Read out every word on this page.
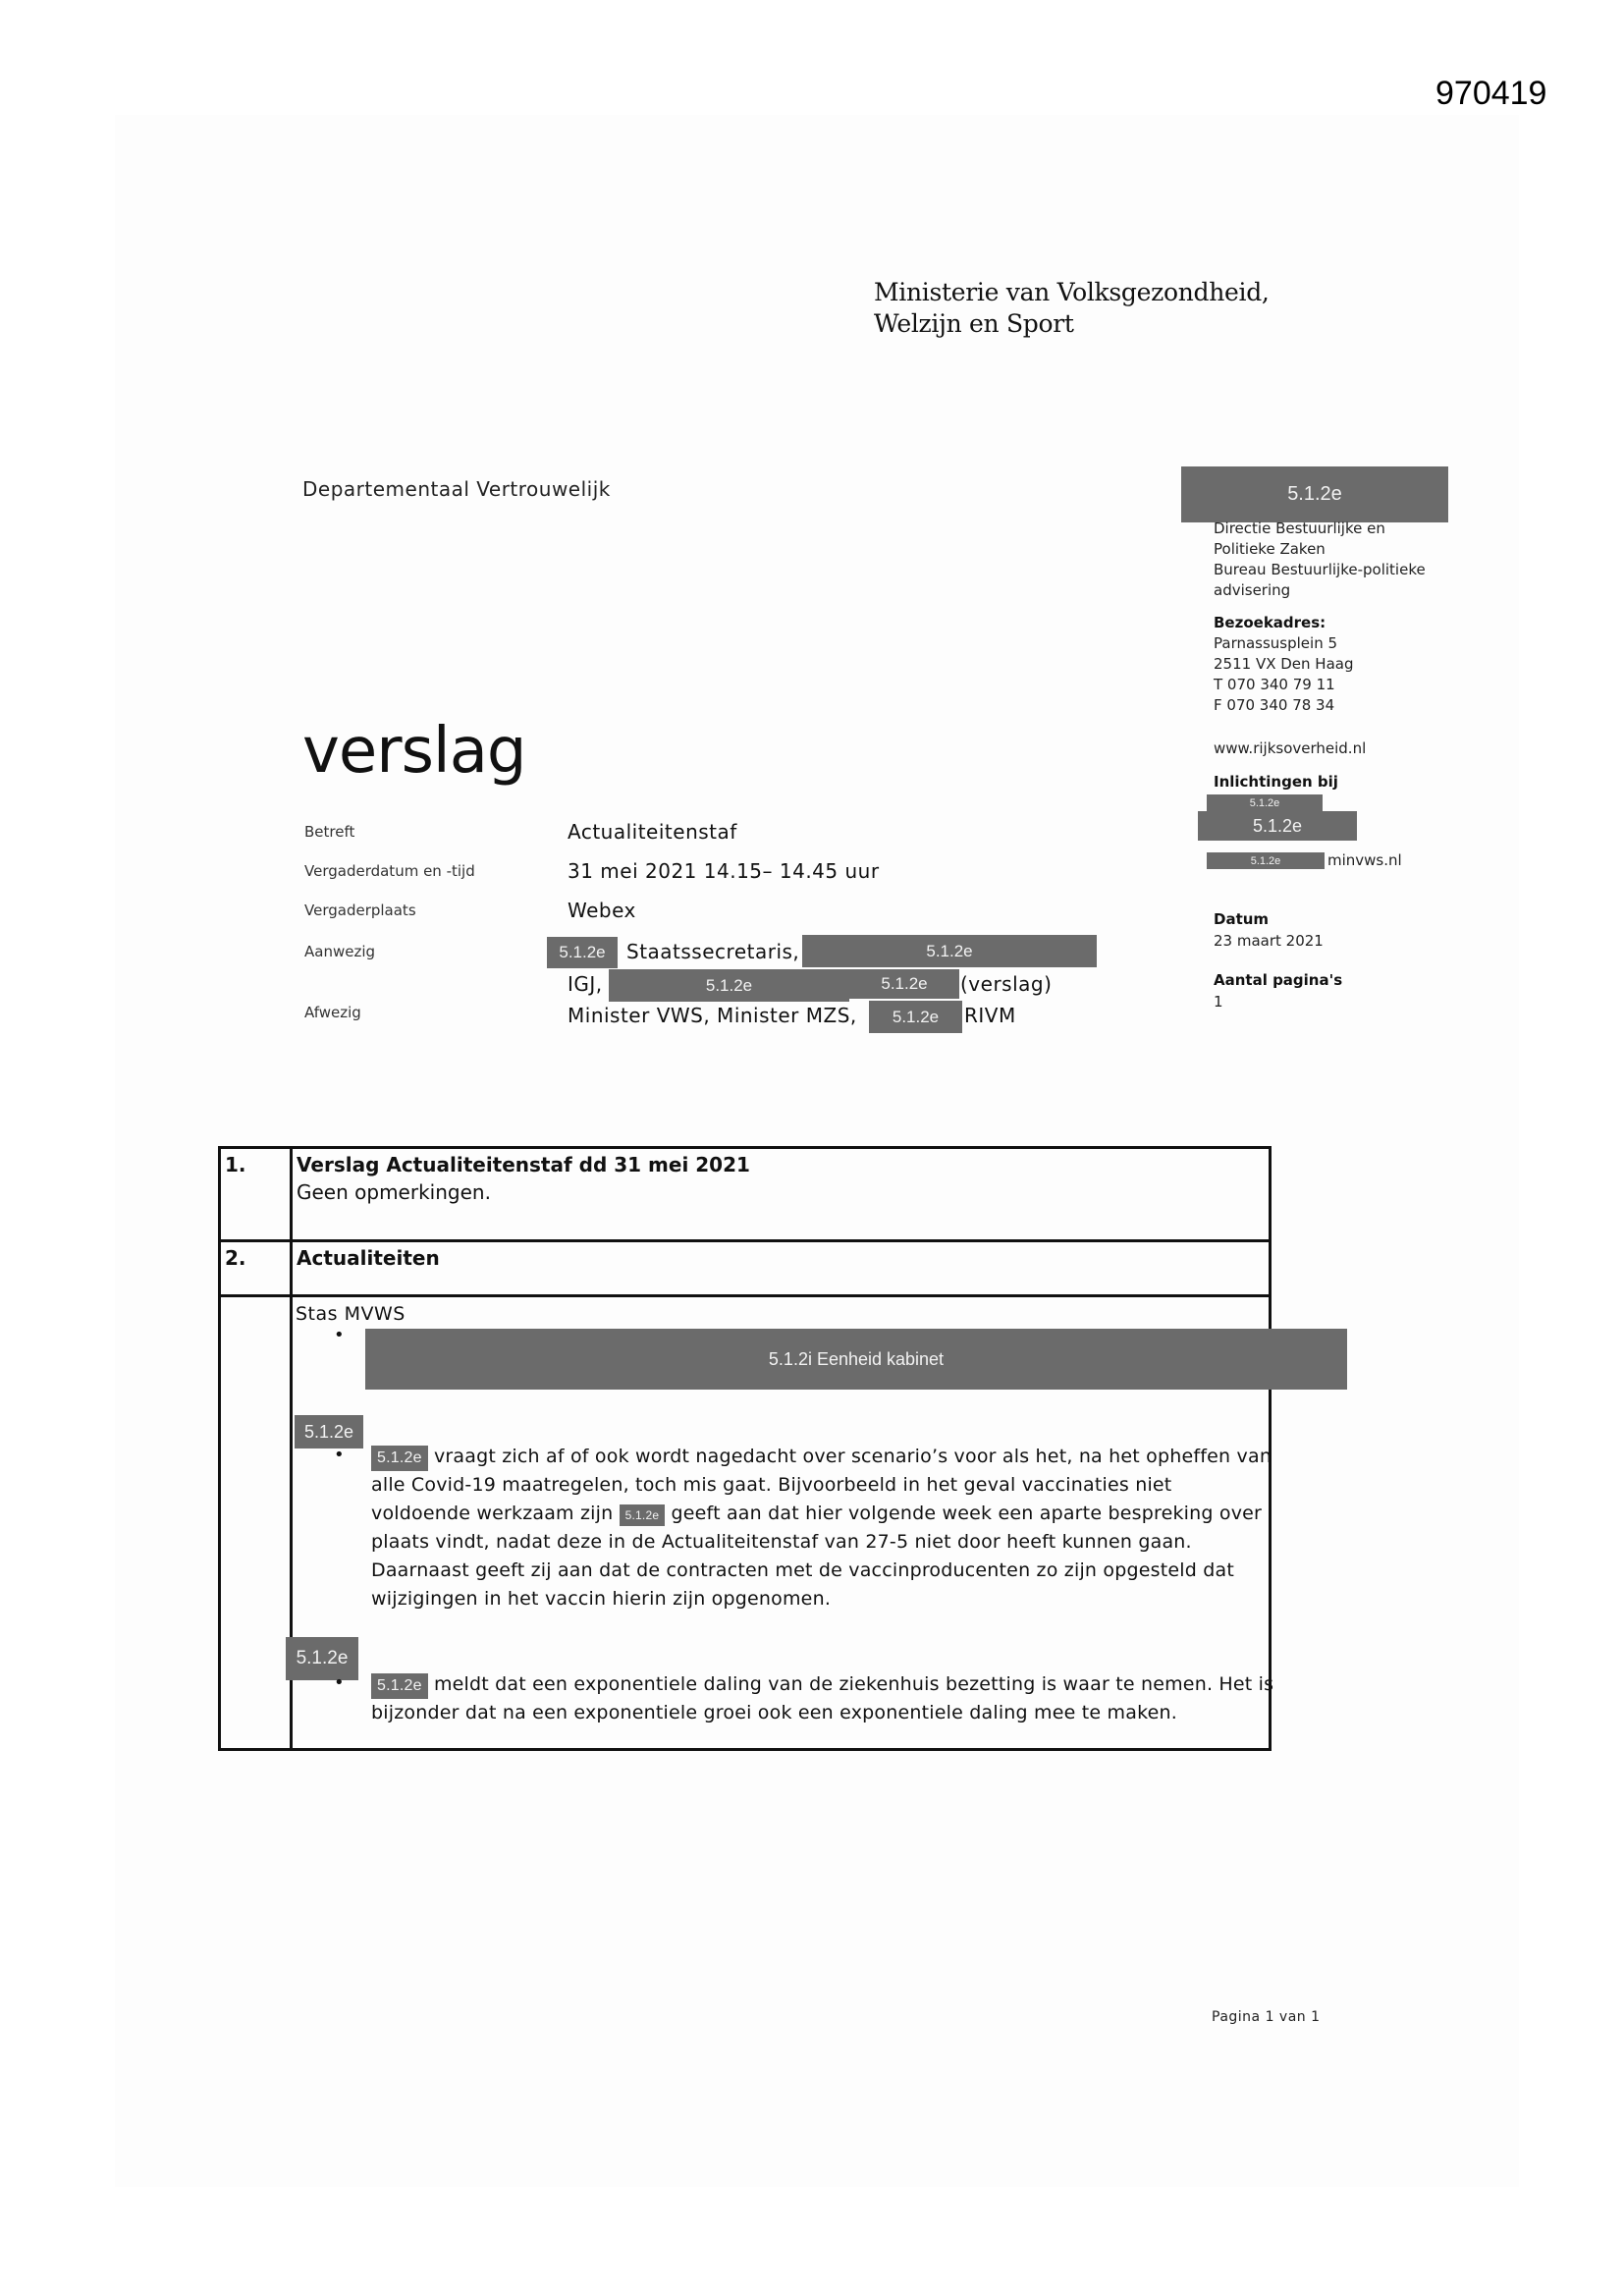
970419
Ministerie van Volksgezondheid,
Welzijn en Sport
Departementaal Vertrouwelijk
verslag
Betreft	Actualiteitenstaf
Vergaderdatum en -tijd	31 mei 2021 14.15– 14.45 uur
Vergaderplaats	Webex
Aanwezig	5.1.2e	Staatssecretaris,	5.1.2e
IGJ,	5.1.2e	5.1.2e	(verslag)
Afwezig	Minister VWS, Minister MZS,	5.1.2e	RIVM
5.1.2e
Directie Bestuurlijke en
Politieke Zaken
Bureau Bestuurlijke-politieke
advisering
Bezoekadres:
Parnassusplein 5
2511 VX Den Haag
T 070 340 79 11
F 070 340 78 34
www.rijksoverheid.nl
Inlichtingen bij
5.1.2e
5.1.2e
5.1.2e	minvws.nl
Datum
23 maart 2021
Aantal pagina's
1
1.	Verslag Actualiteitenstaf dd 31 mei 2021
Geen opmerkingen.

2.	Actualiteiten

Stas MVWS
•
5.1.2i Eenheid kabinet
5.1.2e
•	5.1.2e vraagt zich af of ook wordt nagedacht over scenario’s voor als het, na het opheffen van
alle Covid-19 maatregelen, toch mis gaat. Bijvoorbeeld in het geval vaccinaties niet
voldoende werkzaam zijn 5.1.2e geeft aan dat hier volgende week een aparte bespreking over
plaats vindt, nadat deze in de Actualiteitenstaf van 27-5 niet door heeft kunnen gaan.
Daarnaast geeft zij aan dat de contracten met de vaccinproducenten zo zijn opgesteld dat
wijzigingen in het vaccin hierin zijn opgenomen.
5.1.2e
•	5.1.2e meldt dat een exponentiele daling van de ziekenhuis bezetting is waar te nemen. Het is
bijzonder dat na een exponentiele groei ook een exponentiele daling mee te maken.
Pagina 1 van 1
